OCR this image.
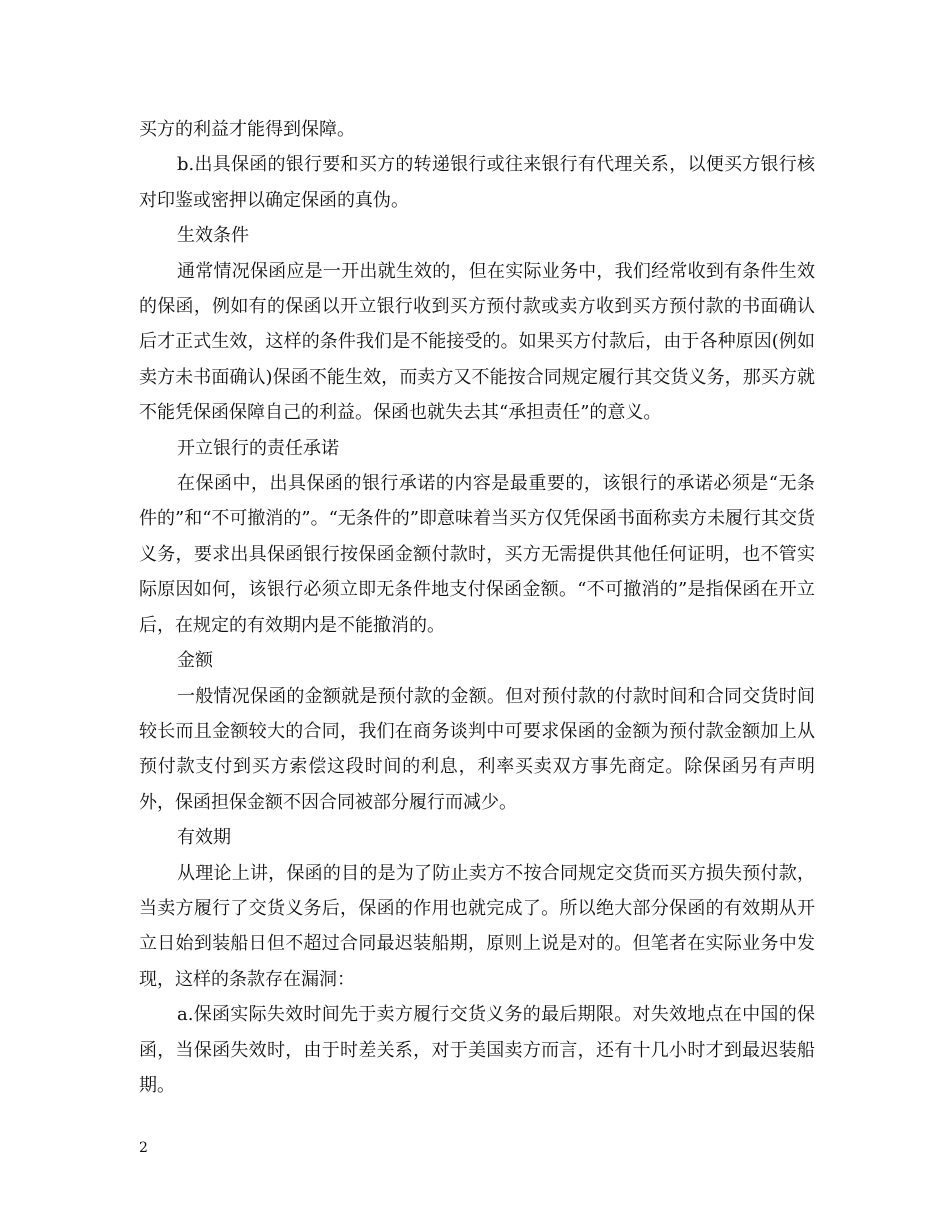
买方的利益才能得到保障。

b.出具保函的银行要和买方的转递银行或往来银行有代理关系，以便买方银行核对印鉴或密押以确定保函的真伪。

生效条件

通常情况保函应是一开出就生效的，但在实际业务中，我们经常收到有条件生效的保函，例如有的保函以开立银行收到买方预付款或卖方收到买方预付款的书面确认后才正式生效，这样的条件我们是不能接受的。如果买方付款后，由于各种原因(例如卖方未书面确认)保函不能生效，而卖方又不能按合同规定履行其交货义务，那买方就不能凭保函保障自己的利益。保函也就失去其“承担责任”的意义。

开立银行的责任承诺

在保函中，出具保函的银行承诺的内容是最重要的，该银行的承诺必须是“无条件的”和“不可撤消的”。“无条件的”即意味着当买方仅凭保函书面称卖方未履行其交货义务，要求出具保函银行按保函金额付款时，买方无需提供其他任何证明，也不管实际原因如何，该银行必须立即无条件地支付保函金额。“不可撤消的”是指保函在开立后，在规定的有效期内是不能撤消的。

金额

一般情况保函的金额就是预付款的金额。但对预付款的付款时间和合同交货时间较长而且金额较大的合同，我们在商务谈判中可要求保函的金额为预付款金额加上从预付款支付到买方索偿这段时间的利息，利率买卖双方事先商定。除保函另有声明外，保函担保金额不因合同被部分履行而减少。

有效期

从理论上讲，保函的目的是为了防止卖方不按合同规定交货而买方损失预付款，当卖方履行了交货义务后，保函的作用也就完成了。所以绝大部分保函的有效期从开立日始到装船日但不超过合同最迟装船期，原则上说是对的。但笔者在实际业务中发现，这样的条款存在漏洞：

a.保函实际失效时间先于卖方履行交货义务的最后期限。对失效地点在中国的保函，当保函失效时，由于时差关系，对于美国卖方而言，还有十几小时才到最迟装船期。

2
